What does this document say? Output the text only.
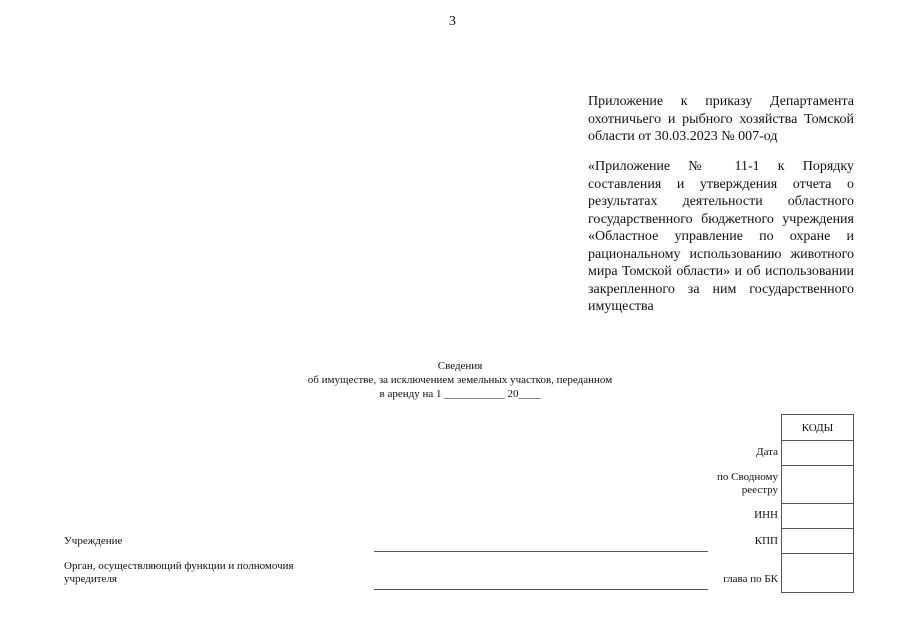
3
Приложение к приказу Департамента охотничьего и рыбного хозяйства Томской области от 30.03.2023 № 007-од
«Приложение № 11-1 к Порядку составления и утверждения отчета о результатах деятельности областного государственного бюджетного учреждения «Областное управление по охране и рациональному использованию животного мира Томской области» и об использовании закрепленного за ним государственного имущества
Сведения
об имуществе, за исключением земельных участков, переданном
в аренду на 1 ___________ 20____
КОДЫ
Дата
по Сводному реестру
ИНН
КПП
глава по БК
Учреждение
Орган, осуществляющий функции и полномочия учредителя
